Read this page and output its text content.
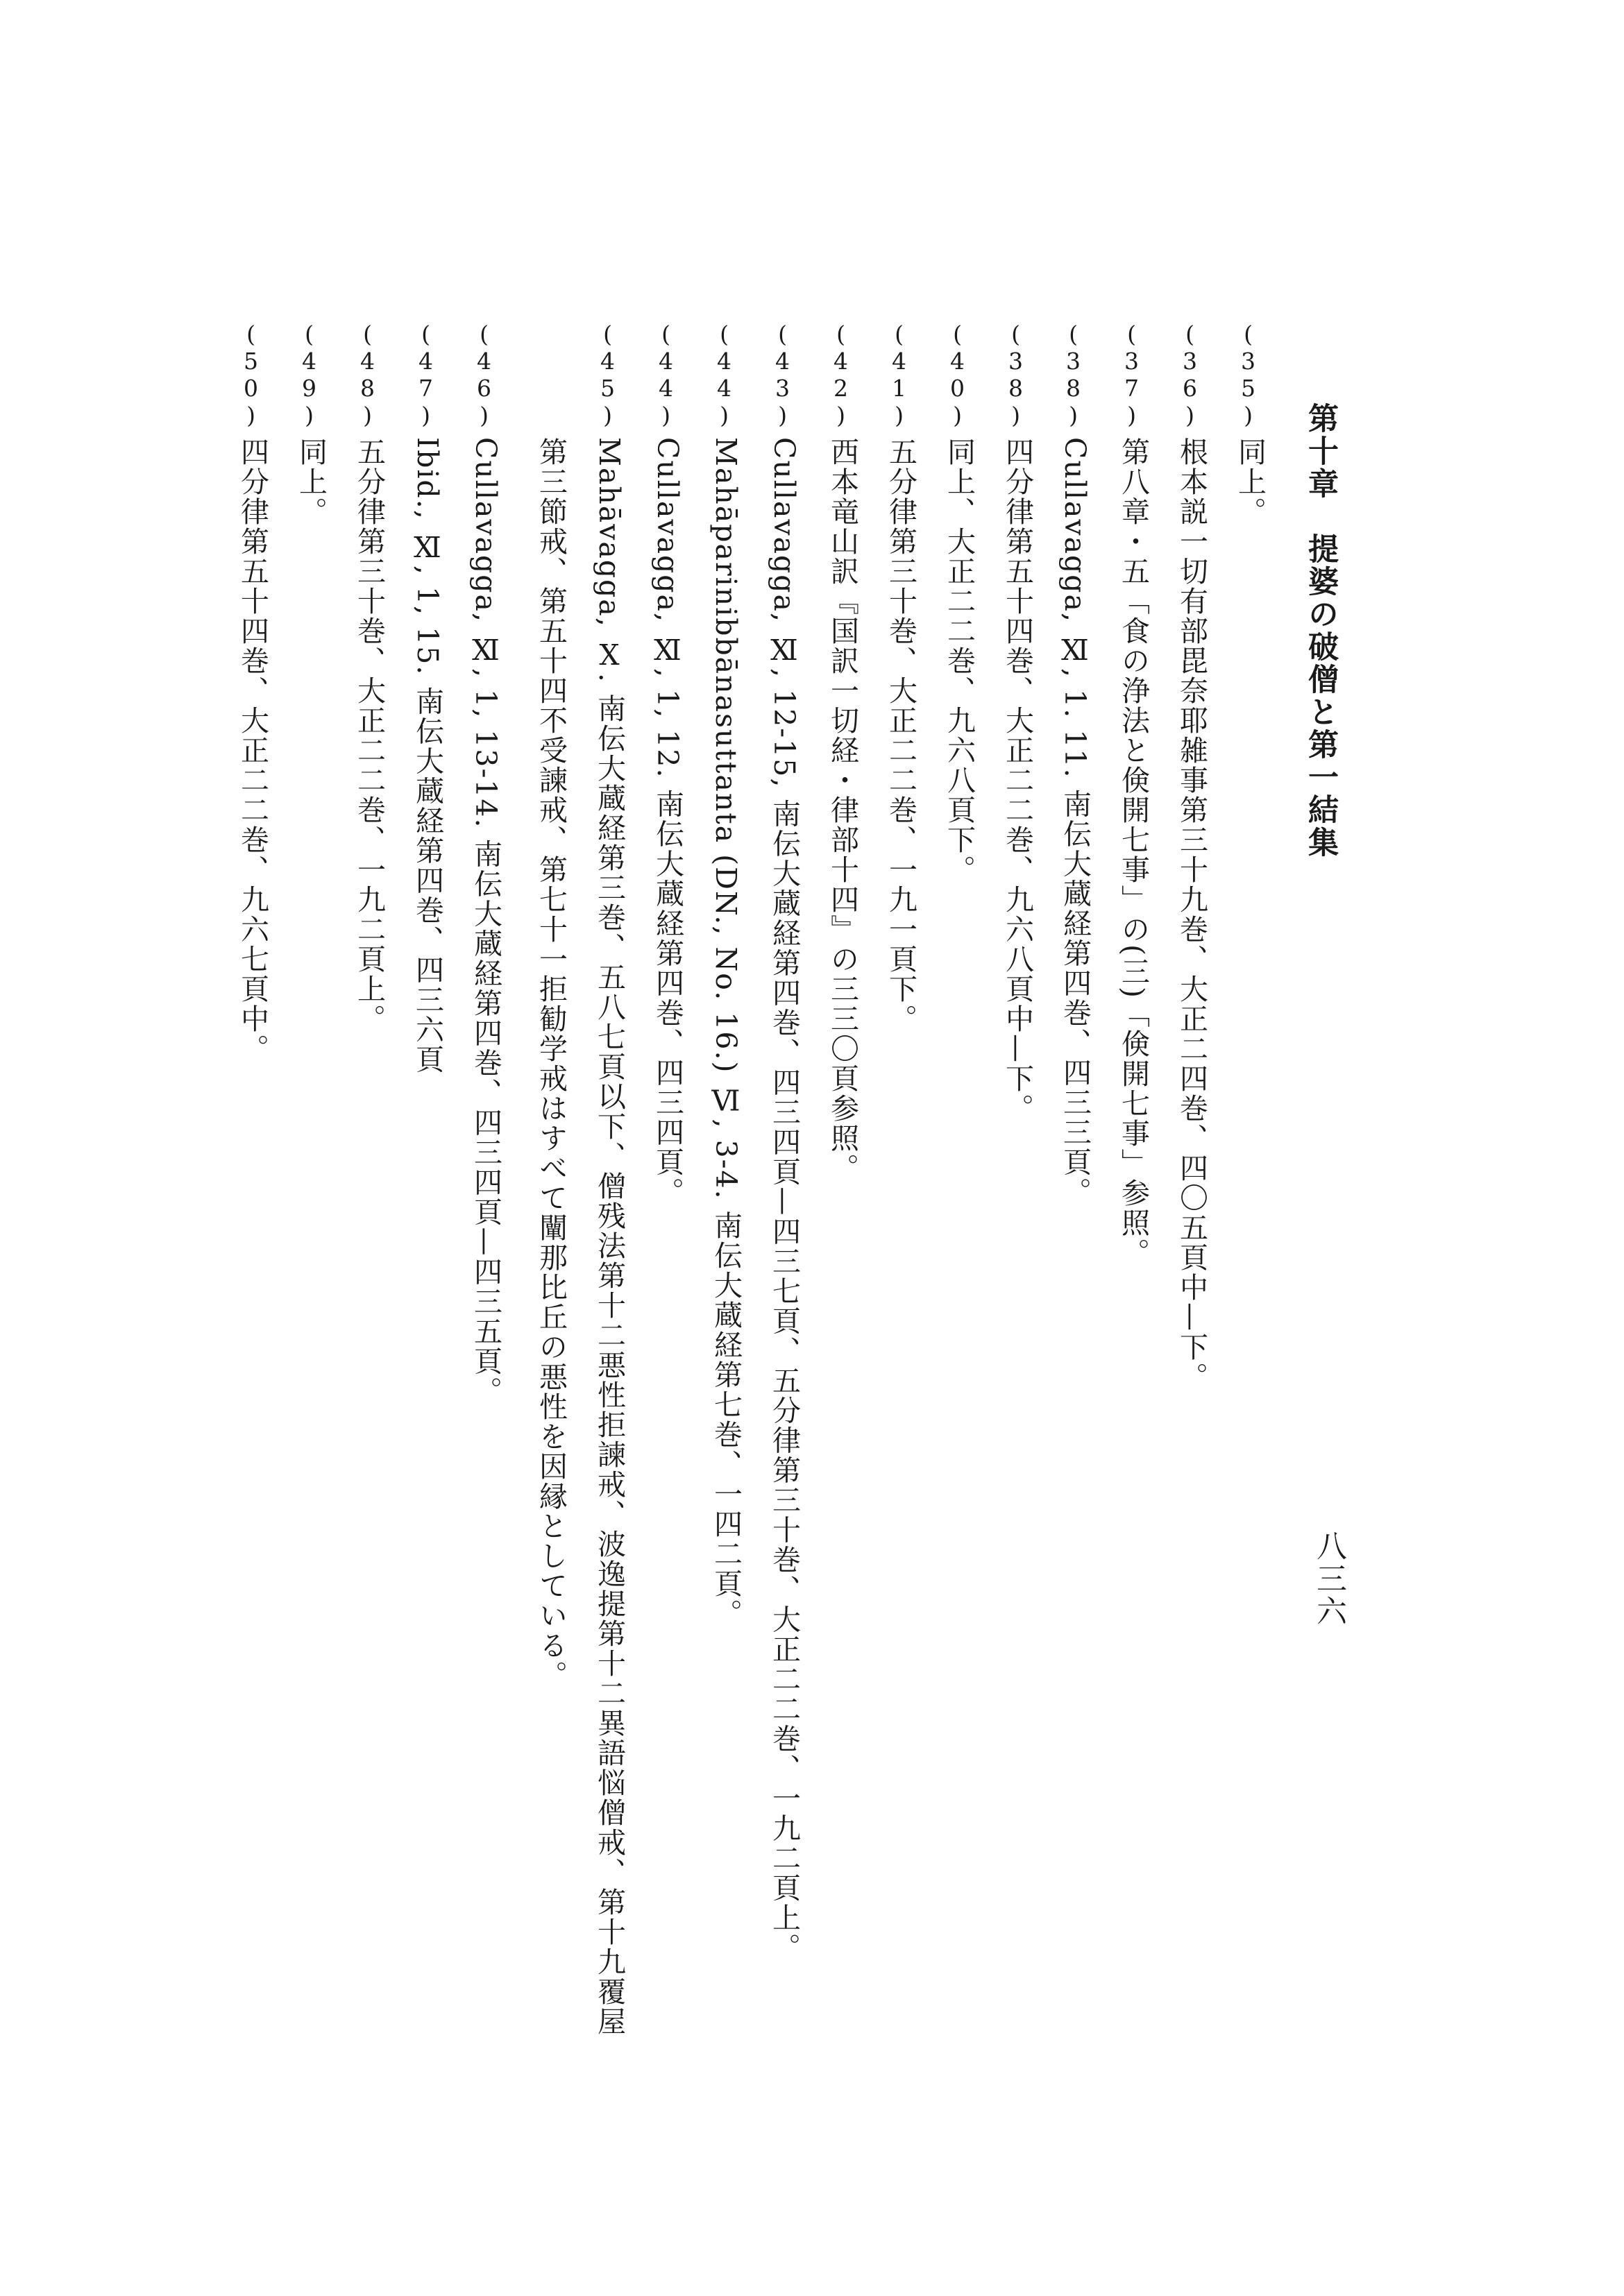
第十章　提婆の破僧と第一結集
八三六
(35)
同上。
(36)
根本説一切有部毘奈耶雑事第三十九巻、大正二四巻、四〇五頁中—下。
(37)
第八章・五「食の浄法と倹開七事」の(三)「倹開七事」参照。
(38)
Cullavagga, Ⅺ, 1. 11. 南伝大蔵経第四巻、四三三頁。
(38)
四分律第五十四巻、大正二二巻、九六八頁中—下。
(40)
同上、大正二二巻、九六八頁下。
(41)
五分律第三十巻、大正二二巻、一九一頁下。
(42)
西本竜山訳『国訳一切経・律部十四』の三三〇頁参照。
(43)
Cullavagga, Ⅺ, 12-15, 南伝大蔵経第四巻、四三四頁—四三七頁、五分律第三十巻、大正二二巻、一九二頁上。
(44)
Mahāparinibbānasuttanta (DN., No. 16.) Ⅵ, 3-4. 南伝大蔵経第七巻、一四二頁。
(44)
Cullavagga, Ⅺ, 1, 12. 南伝大蔵経第四巻、四三四頁。
(45)
Mahāvagga, Ⅹ. 南伝大蔵経第三巻、五八七頁以下、僧残法第十二悪性拒諫戒、波逸提第十二異語悩僧戒、第十九覆屋
第三節戒、第五十四不受諫戒、第七十一拒勧学戒はすべて闡那比丘の悪性を因縁としている。
(46)
Cullavagga, Ⅺ, 1, 13-14. 南伝大蔵経第四巻、四三四頁—四三五頁。
(47)
Ibid., Ⅺ, 1, 15. 南伝大蔵経第四巻、四三六頁
(48)
五分律第三十巻、大正二二巻、一九二頁上。
(49)
同上。
(50)
四分律第五十四巻、大正二二巻、九六七頁中。
